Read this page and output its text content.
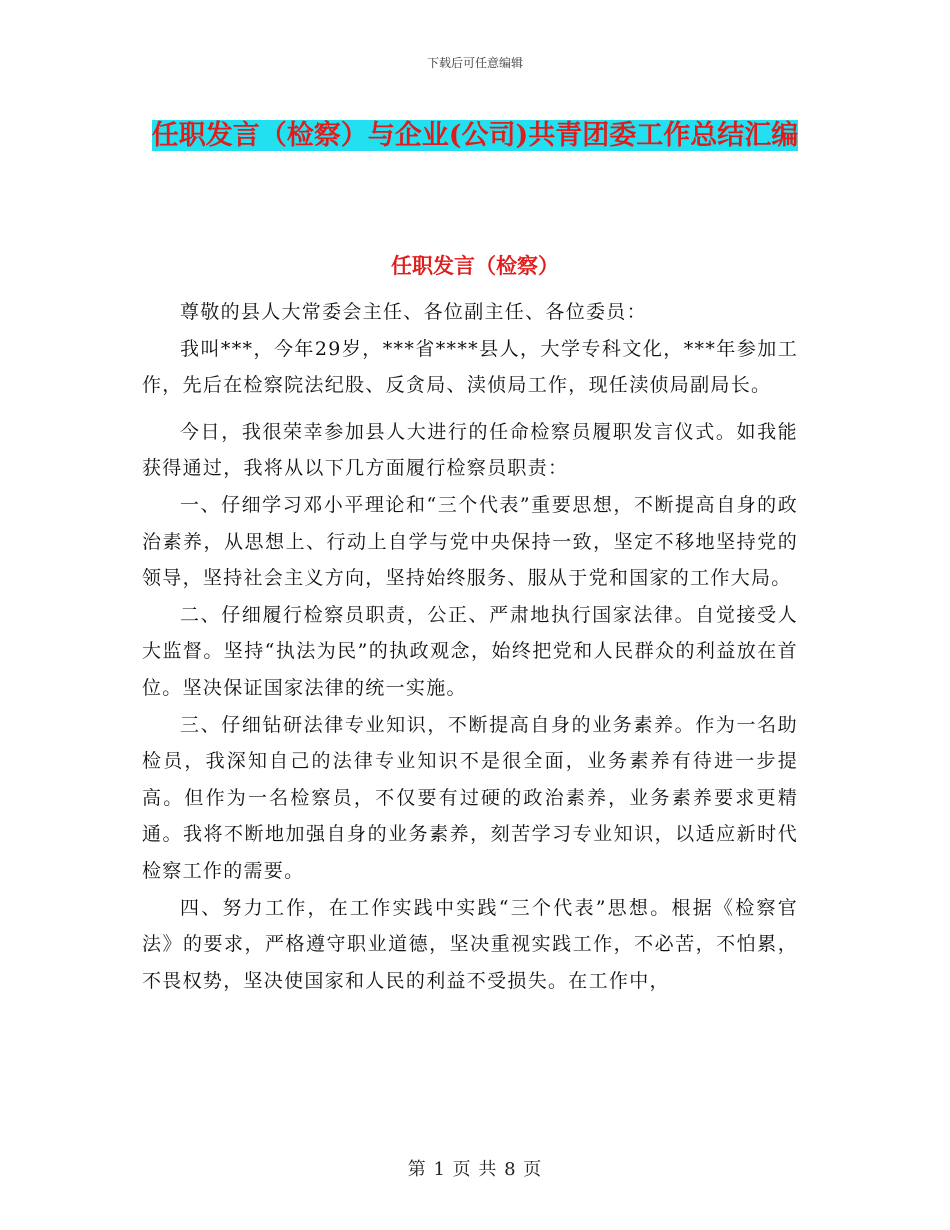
下载后可任意编辑
任职发言（检察）与企业(公司)共青团委工作总结汇编
任职发言（检察）

尊敬的县人大常委会主任、各位副主任、各位委员：

我叫***，今年29岁，***省****县人，大学专科文化，***年参加工作，先后在检察院法纪股、反贪局、渎侦局工作，现任渎侦局副局长。

今日，我很荣幸参加县人大进行的任命检察员履职发言仪式。如我能获得通过，我将从以下几方面履行检察员职责：

一、仔细学习邓小平理论和“三个代表”重要思想，不断提高自身的政治素养，从思想上、行动上自学与党中央保持一致，坚定不移地坚持党的领导，坚持社会主义方向，坚持始终服务、服从于党和国家的工作大局。

二、仔细履行检察员职责，公正、严肃地执行国家法律。自觉接受人大监督。坚持“执法为民”的执政观念，始终把党和人民群众的利益放在首位。坚决保证国家法律的统一实施。

三、仔细钻研法律专业知识，不断提高自身的业务素养。作为一名助检员，我深知自己的法律专业知识不是很全面，业务素养有待进一步提高。但作为一名检察员，不仅要有过硬的政治素养，业务素养要求更精通。我将不断地加强自身的业务素养，刻苦学习专业知识，以适应新时代检察工作的需要。

四、努力工作，在工作实践中实践“三个代表”思想。根据《检察官法》的要求，严格遵守职业道德，坚决重视实践工作，不必苦，不怕累，不畏权势，坚决使国家和人民的利益不受损失。在工作中，

第 1 页 共 8 页
